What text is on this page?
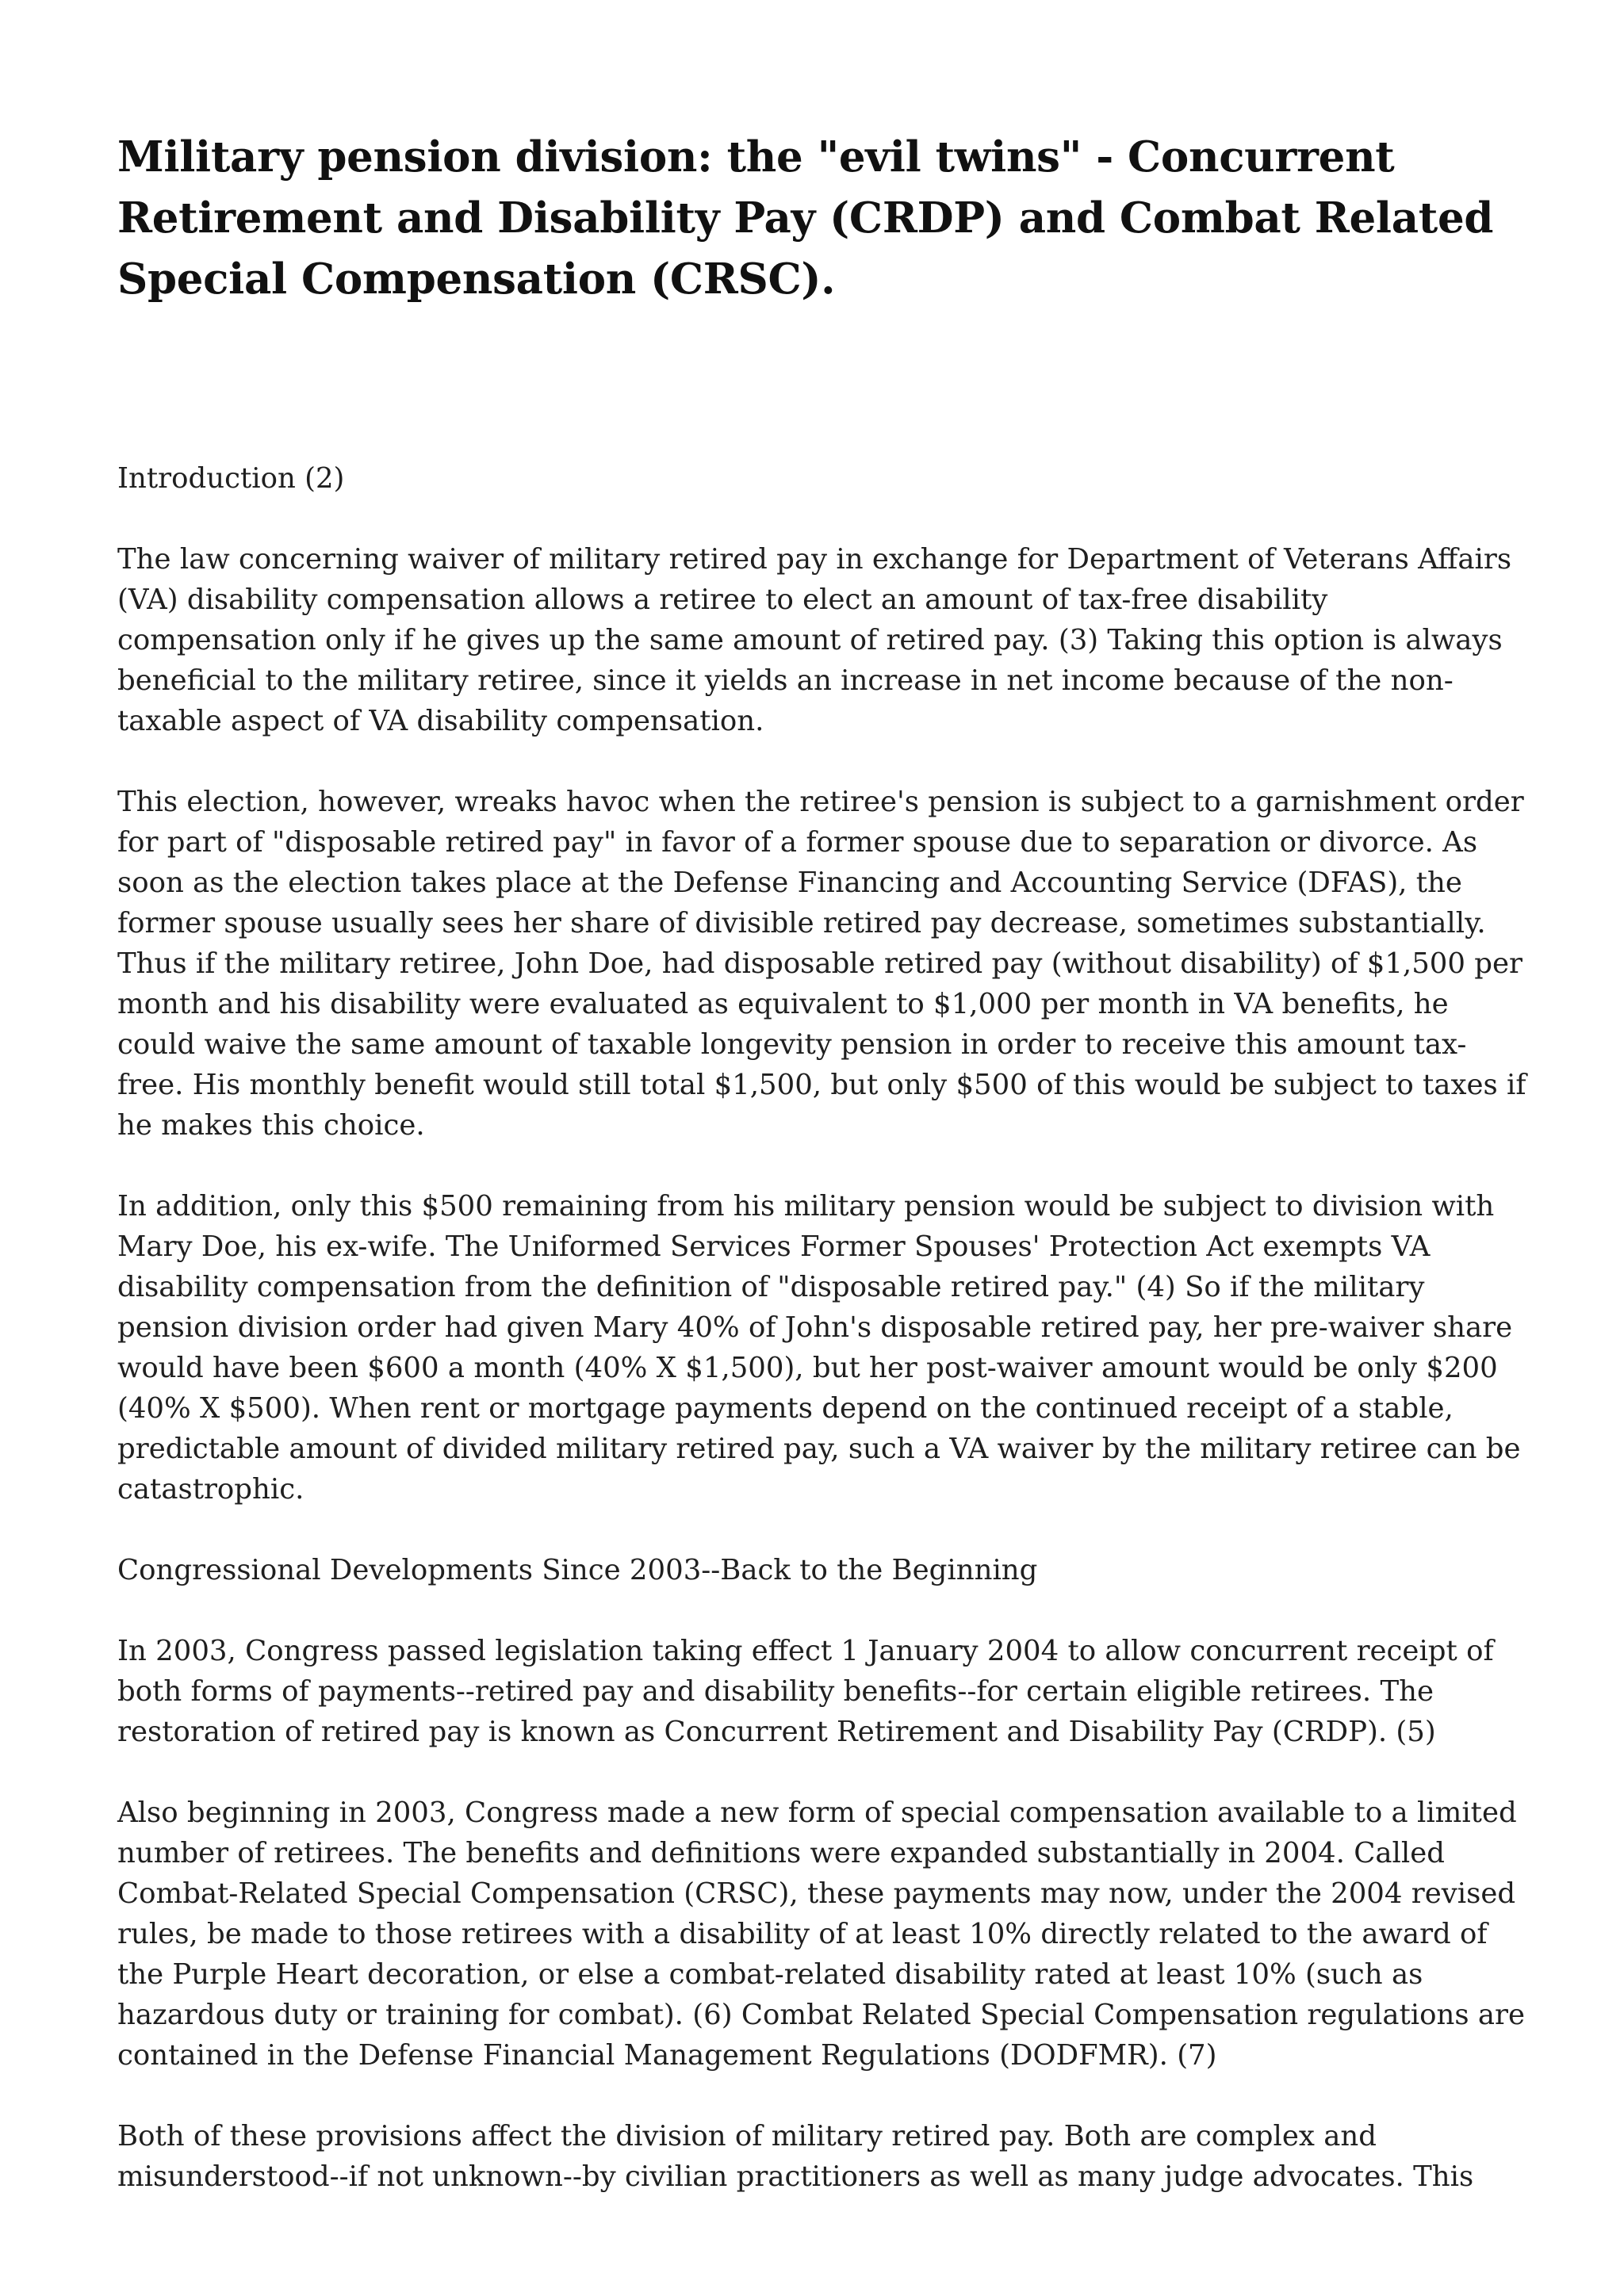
Military pension division: the "evil twins" - Concurrent Retirement and Disability Pay (CRDP) and Combat Related Special Compensation (CRSC).

Introduction (2)

The law concerning waiver of military retired pay in exchange for Department of Veterans Affairs (VA) disability compensation allows a retiree to elect an amount of tax-free disability compensation only if he gives up the same amount of retired pay. (3) Taking this option is always beneficial to the military retiree, since it yields an increase in net income because of the non-taxable aspect of VA disability compensation.

This election, however, wreaks havoc when the retiree's pension is subject to a garnishment order for part of "disposable retired pay" in favor of a former spouse due to separation or divorce. As soon as the election takes place at the Defense Financing and Accounting Service (DFAS), the former spouse usually sees her share of divisible retired pay decrease, sometimes substantially. Thus if the military retiree, John Doe, had disposable retired pay (without disability) of $1,500 per month and his disability were evaluated as equivalent to $1,000 per month in VA benefits, he could waive the same amount of taxable longevity pension in order to receive this amount tax-free. His monthly benefit would still total $1,500, but only $500 of this would be subject to taxes if he makes this choice.

In addition, only this $500 remaining from his military pension would be subject to division with Mary Doe, his ex-wife. The Uniformed Services Former Spouses' Protection Act exempts VA disability compensation from the definition of "disposable retired pay." (4) So if the military pension division order had given Mary 40% of John's disposable retired pay, her pre-waiver share would have been $600 a month (40% X $1,500), but her post-waiver amount would be only $200 (40% X $500). When rent or mortgage payments depend on the continued receipt of a stable, predictable amount of divided military retired pay, such a VA waiver by the military retiree can be catastrophic.

Congressional Developments Since 2003--Back to the Beginning

In 2003, Congress passed legislation taking effect 1 January 2004 to allow concurrent receipt of both forms of payments--retired pay and disability benefits--for certain eligible retirees. The restoration of retired pay is known as Concurrent Retirement and Disability Pay (CRDP). (5)

Also beginning in 2003, Congress made a new form of special compensation available to a limited number of retirees. The benefits and definitions were expanded substantially in 2004. Called Combat-Related Special Compensation (CRSC), these payments may now, under the 2004 revised rules, be made to those retirees with a disability of at least 10% directly related to the award of the Purple Heart decoration, or else a combat-related disability rated at least 10% (such as hazardous duty or training for combat). (6) Combat Related Special Compensation regulations are contained in the Defense Financial Management Regulations (DODFMR). (7)

Both of these provisions affect the division of military retired pay. Both are complex and misunderstood--if not unknown--by civilian practitioners as well as many judge advocates. This
